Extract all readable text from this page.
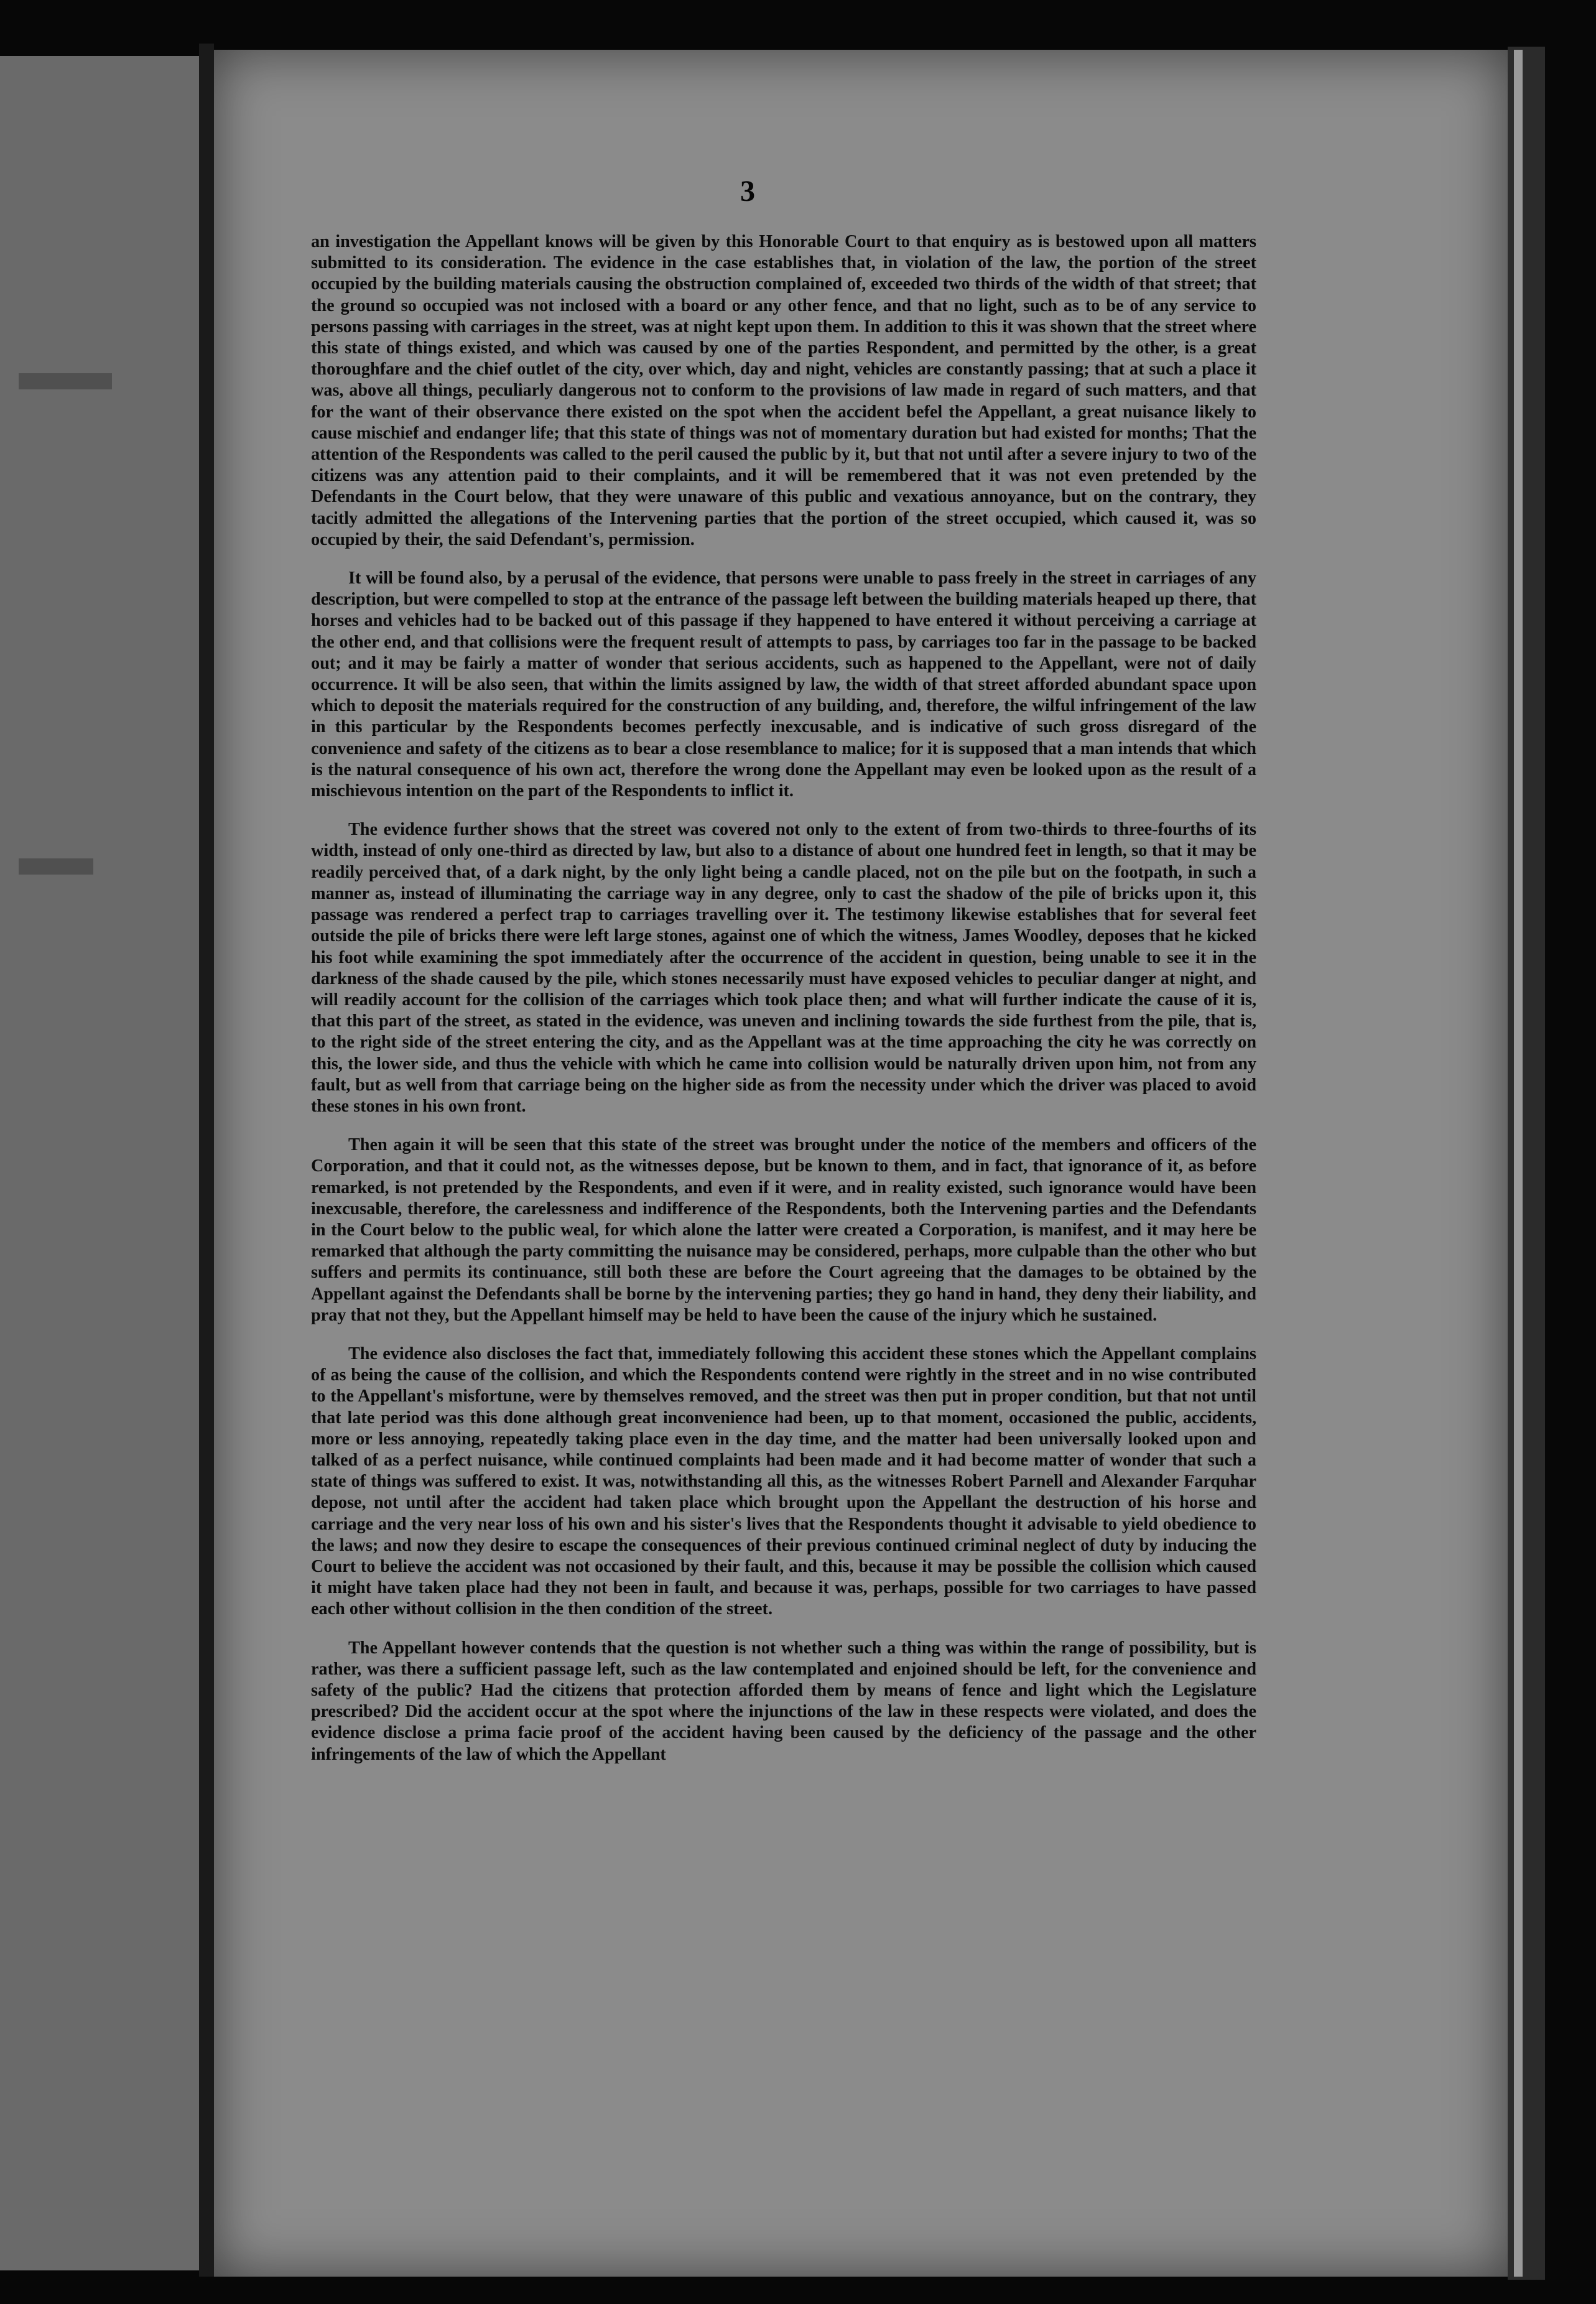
3

an investigation the Appellant knows will be given by this Honorable Court to that enquiry as is bestowed upon all matters submitted to its consideration. The evidence in the case establishes that, in violation of the law, the portion of the street occupied by the building materials causing the obstruction complained of, exceeded two thirds of the width of that street; that the ground so occupied was not inclosed with a board or any other fence, and that no light, such as to be of any service to persons passing with carriages in the street, was at night kept upon them. In addition to this it was shown that the street where this state of things existed, and which was caused by one of the parties Respondent, and permitted by the other, is a great thoroughfare and the chief outlet of the city, over which, day and night, vehicles are constantly passing; that at such a place it was, above all things, peculiarly dangerous not to conform to the provisions of law made in regard of such matters, and that for the want of their observance there existed on the spot when the accident befel the Appellant, a great nuisance likely to cause mischief and endanger life; that this state of things was not of momentary duration but had existed for months; That the attention of the Respondents was called to the peril caused the public by it, but that not until after a severe injury to two of the citizens was any attention paid to their complaints, and it will be remembered that it was not even pretended by the Defendants in the Court below, that they were unaware of this public and vexatious annoyance, but on the contrary, they tacitly admitted the allegations of the Intervening parties that the portion of the street occupied, which caused it, was so occupied by their, the said Defendant's, permission.

It will be found also, by a perusal of the evidence, that persons were unable to pass freely in the street in carriages of any description, but were compelled to stop at the entrance of the passage left between the building materials heaped up there, that horses and vehicles had to be backed out of this passage if they happened to have entered it without perceiving a carriage at the other end, and that collisions were the frequent result of attempts to pass, by carriages too far in the passage to be backed out; and it may be fairly a matter of wonder that serious accidents, such as happened to the Appellant, were not of daily occurrence. It will be also seen, that within the limits assigned by law, the width of that street afforded abundant space upon which to deposit the materials required for the construction of any building, and, therefore, the wilful infringement of the law in this particular by the Respondents becomes perfectly inexcusable, and is indicative of such gross disregard of the convenience and safety of the citizens as to bear a close resemblance to malice; for it is supposed that a man intends that which is the natural consequence of his own act, therefore the wrong done the Appellant may even be looked upon as the result of a mischievous intention on the part of the Respondents to inflict it.

The evidence further shows that the street was covered not only to the extent of from two-thirds to three-fourths of its width, instead of only one-third as directed by law, but also to a distance of about one hundred feet in length, so that it may be readily perceived that, of a dark night, by the only light being a candle placed, not on the pile but on the footpath, in such a manner as, instead of illuminating the carriage way in any degree, only to cast the shadow of the pile of bricks upon it, this passage was rendered a perfect trap to carriages travelling over it. The testimony likewise establishes that for several feet outside the pile of bricks there were left large stones, against one of which the witness, James Woodley, deposes that he kicked his foot while examining the spot immediately after the occurrence of the accident in question, being unable to see it in the darkness of the shade caused by the pile, which stones necessarily must have exposed vehicles to peculiar danger at night, and will readily account for the collision of the carriages which took place then; and what will further indicate the cause of it is, that this part of the street, as stated in the evidence, was uneven and inclining towards the side furthest from the pile, that is, to the right side of the street entering the city, and as the Appellant was at the time approaching the city he was correctly on this, the lower side, and thus the vehicle with which he came into collision would be naturally driven upon him, not from any fault, but as well from that carriage being on the higher side as from the necessity under which the driver was placed to avoid these stones in his own front.

Then again it will be seen that this state of the street was brought under the notice of the members and officers of the Corporation, and that it could not, as the witnesses depose, but be known to them, and in fact, that ignorance of it, as before remarked, is not pretended by the Respondents, and even if it were, and in reality existed, such ignorance would have been inexcusable, therefore, the carelessness and indifference of the Respondents, both the Intervening parties and the Defendants in the Court below to the public weal, for which alone the latter were created a Corporation, is manifest, and it may here be remarked that although the party committing the nuisance may be considered, perhaps, more culpable than the other who but suffers and permits its continuance, still both these are before the Court agreeing that the damages to be obtained by the Appellant against the Defendants shall be borne by the intervening parties; they go hand in hand, they deny their liability, and pray that not they, but the Appellant himself may be held to have been the cause of the injury which he sustained.

The evidence also discloses the fact that, immediately following this accident these stones which the Appellant complains of as being the cause of the collision, and which the Respondents contend were rightly in the street and in no wise contributed to the Appellant's misfortune, were by themselves removed, and the street was then put in proper condition, but that not until that late period was this done although great inconvenience had been, up to that moment, occasioned the public, accidents, more or less annoying, repeatedly taking place even in the day time, and the matter had been universally looked upon and talked of as a perfect nuisance, while continued complaints had been made and it had become matter of wonder that such a state of things was suffered to exist. It was, notwithstanding all this, as the witnesses Robert Parnell and Alexander Farquhar depose, not until after the accident had taken place which brought upon the Appellant the destruction of his horse and carriage and the very near loss of his own and his sister's lives that the Respondents thought it advisable to yield obedience to the laws; and now they desire to escape the consequences of their previous continued criminal neglect of duty by inducing the Court to believe the accident was not occasioned by their fault, and this, because it may be possible the collision which caused it might have taken place had they not been in fault, and because it was, perhaps, possible for two carriages to have passed each other without collision in the then condition of the street.

The Appellant however contends that the question is not whether such a thing was within the range of possibility, but is rather, was there a sufficient passage left, such as the law contemplated and enjoined should be left, for the convenience and safety of the public? Had the citizens that protection afforded them by means of fence and light which the Legislature prescribed? Did the accident occur at the spot where the injunctions of the law in these respects were violated, and does the evidence disclose a prima facie proof of the accident having been caused by the deficiency of the passage and the other infringements of the law of which the Appellant
